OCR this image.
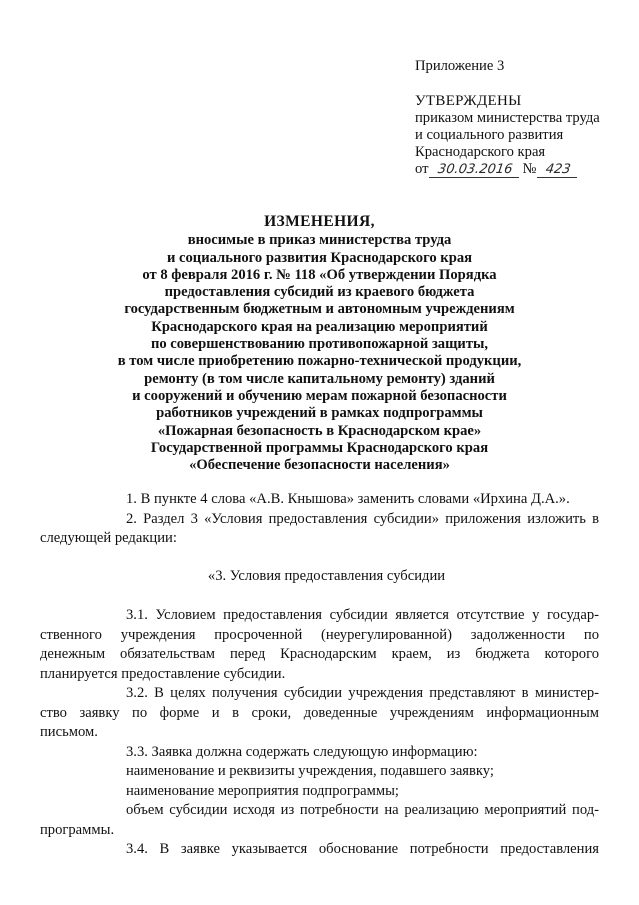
Приложение 3
УТВЕРЖДЕНЫ
приказом министерства труда
и социального развития
Краснодарского края
от 30.03.2016 № 423
ИЗМЕНЕНИЯ,
вносимые в приказ министерства труда
и социального развития Краснодарского края
от 8 февраля 2016 г. № 118 «Об утверждении Порядка
предоставления субсидий из краевого бюджета
государственным бюджетным и автономным учреждениям
Краснодарского края на реализацию мероприятий
по совершенствованию противопожарной защиты,
в том числе приобретению пожарно-технической продукции,
ремонту (в том числе капитальному ремонту) зданий
и сооружений и обучению мерам пожарной безопасности
работников учреждений в рамках подпрограммы
«Пожарная безопасность в Краснодарском крае»
Государственной программы Краснодарского края
«Обеспечение безопасности населения»
1. В пункте 4 слова «А.В. Кнышова» заменить словами «Ирхина Д.А.».
2. Раздел 3 «Условия предоставления субсидии» приложения изложить в
следующей редакции:
«3. Условия предоставления субсидии
3.1. Условием предоставления субсидии является отсутствие у государ-
ственного учреждения просроченной (неурегулированной) задолженности по
денежным обязательствам перед Краснодарским краем, из бюджета которого
планируется предоставление субсидии.
3.2. В целях получения субсидии учреждения представляют в министер-
ство заявку по форме и в сроки, доведенные учреждениям информационным
письмом.
3.3. Заявка должна содержать следующую информацию:
наименование и реквизиты учреждения, подавшего заявку;
наименование мероприятия подпрограммы;
объем субсидии исходя из потребности на реализацию мероприятий под-
программы.
3.4. В заявке указывается обоснование потребности предоставления
